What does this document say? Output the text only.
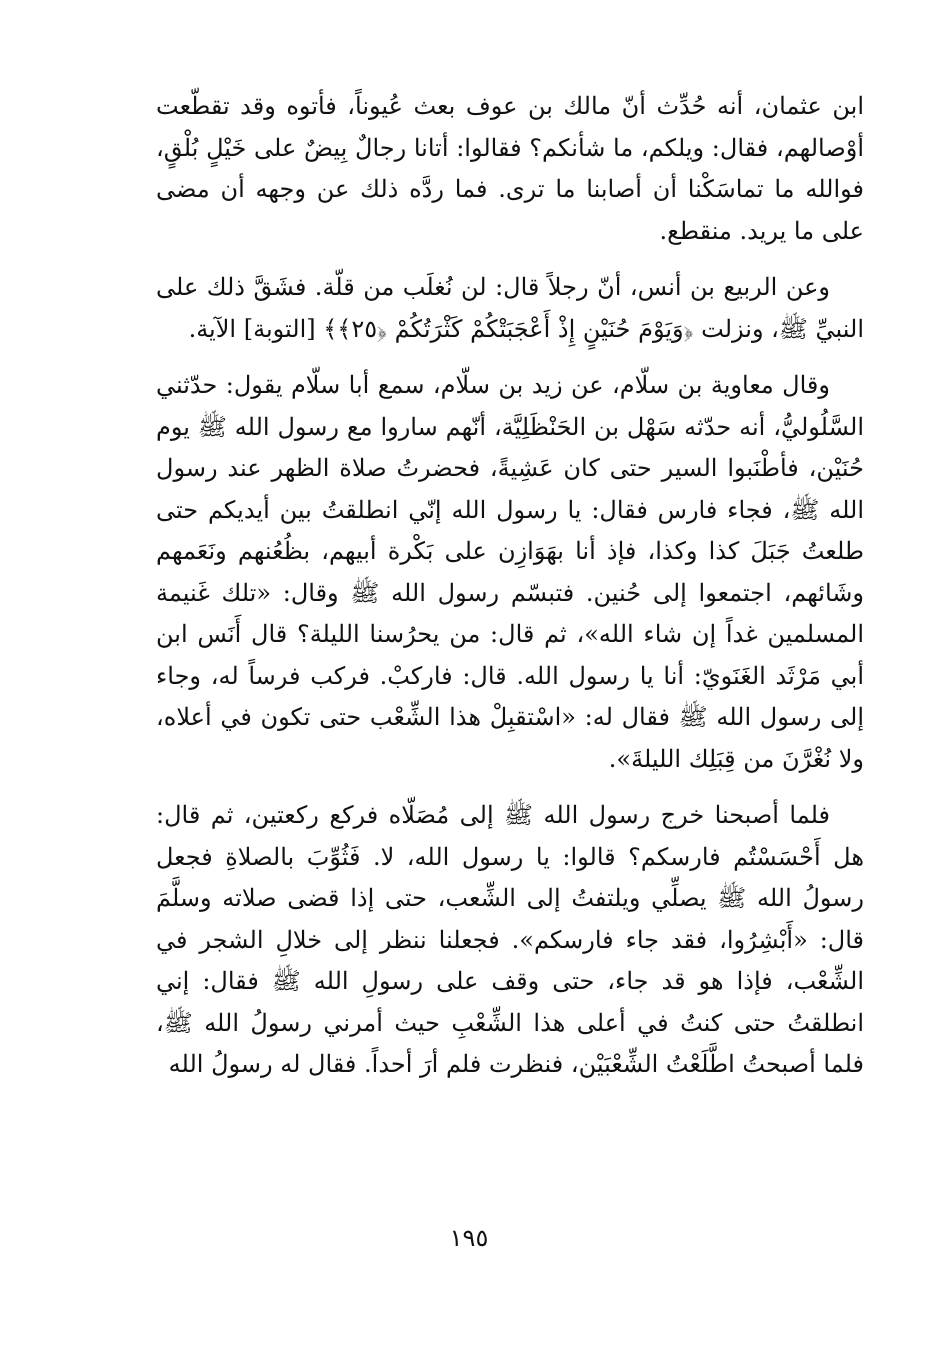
ابن عثمان، أنه حُدِّث أنّ مالك بن عوف بعث عُيوناً، فأتوه وقد تقطّعت أوْصالهم، فقال: ويلكم، ما شأنكم؟ فقالوا: أتانا رجالٌ بِيضٌ على خَيْلٍ بُلْقٍ، فوالله ما تماسَكْنا أن أصابنا ما ترى. فما ردَّه ذلك عن وجهه أن مضى على ما يريد. منقطع.

وعن الربيع بن أنس، أنّ رجلاً قال: لن نُغلَب من قلّة. فشَقَّ ذلك على النبيِّ ﷺ، ونزلت ﴿وَيَوْمَ حُنَيْنٍ إِذْ أَعْجَبَتْكُمْ كَثْرَتُكُمْ ﴿٢٥﴾﴾ [التوبة] الآية.

وقال معاوية بن سلّام، عن زيد بن سلّام، سمع أبا سلّام يقول: حدّثني السَّلُوليُّ، أنه حدّثه سَهْل بن الحَنْظَلِيَّة، أنّهم ساروا مع رسول الله ﷺ يوم حُنَيْن، فأطْنَبوا السير حتى كان عَشِيةً، فحضرتُ صلاة الظهر عند رسول الله ﷺ، فجاء فارس فقال: يا رسول الله إنّي انطلقتُ بين أيديكم حتى طلعتُ جَبَلَ كذا وكذا، فإذ أنا بهَوَازِن على بَكْرة أبيهم، بظُعُنهم ونَعَمهم وشَائهم، اجتمعوا إلى حُنين. فتبسّم رسول الله ﷺ وقال: «تلك غَنيمة المسلمين غداً إن شاء الله»، ثم قال: من يحرُسنا الليلة؟ قال أَنَس ابن أبي مَرْثَد الغَنَويّ: أنا يا رسول الله. قال: فاركبْ. فركب فرساً له، وجاء إلى رسول الله ﷺ فقال له: «اسْتقبِلْ هذا الشِّعْب حتى تكون في أعلاه، ولا نُغْرَّنَ من قِبَلِك الليلةَ».

فلما أصبحنا خرج رسول الله ﷺ إلى مُصَلّاه فركع ركعتين، ثم قال: هل أَحْسَسْتُم فارسكم؟ قالوا: يا رسول الله، لا. فَثُوِّبَ بالصلاةِ فجعل رسولُ الله ﷺ يصلِّي ويلتفتُ إلى الشِّعب، حتى إذا قضى صلاته وسلَّمَ قال: «أَبْشِرُوا، فقد جاء فارسكم». فجعلنا ننظر إلى خلالِ الشجر في الشِّعْب، فإذا هو قد جاء، حتى وقف على رسولِ الله ﷺ فقال: إني انطلقتُ حتى كنتُ في أعلى هذا الشِّعْبِ حيث أمرني رسولُ الله ﷺ، فلما أصبحتُ اطَّلَعْتُ الشِّعْبَيْن، فنظرت فلم أرَ أحداً. فقال له رسولُ الله

١٩٥
